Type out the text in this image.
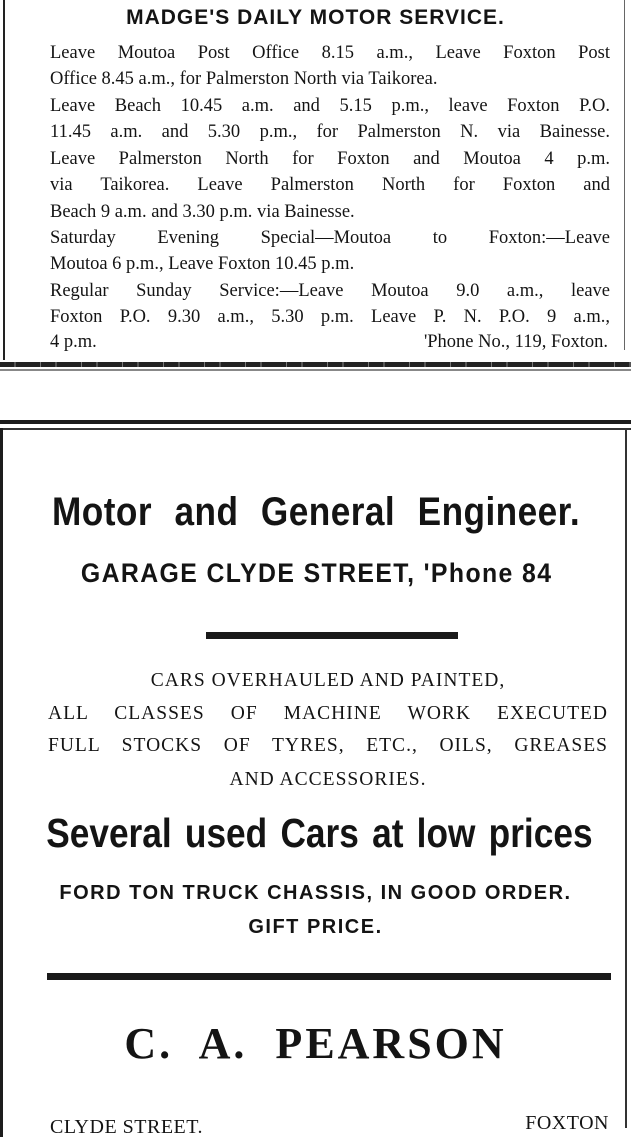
MADGE'S DAILY MOTOR SERVICE.
Leave Moutoa Post Office 8.15 a.m., Leave Foxton Post
Office 8.45 a.m., for Palmerston North via Taikorea.
Leave Beach 10.45 a.m. and 5.15 p.m., leave Foxton P.O.
11.45 a.m. and 5.30 p.m., for Palmerston N. via Bainesse.
Leave Palmerston North for Foxton and Moutoa 4 p.m.
via Taikorea. Leave Palmerston North for Foxton and
Beach 9 a.m. and 3.30 p.m. via Bainesse.
Saturday Evening Special—Moutoa to Foxton:—Leave
Moutoa 6 p.m., Leave Foxton 10.45 p.m.
Regular Sunday Service:—Leave Moutoa 9.0 a.m., leave
Foxton P.O. 9.30 a.m., 5.30 p.m. Leave P. N. P.O. 9 a.m.,
4 p.m.	'Phone No., 119, Foxton.
Motor and General Engineer.
GARAGE CLYDE STREET, 'Phone 84
CARS OVERHAULED AND PAINTED,
ALL CLASSES OF MACHINE WORK EXECUTED
FULL STOCKS OF TYRES, ETC., OILS, GREASES
AND ACCESSORIES.
Several used Cars at low prices
FORD TON TRUCK CHASSIS, IN GOOD ORDER.
GIFT PRICE.
C. A. PEARSON
CLYDE STREET.	FOXTON
